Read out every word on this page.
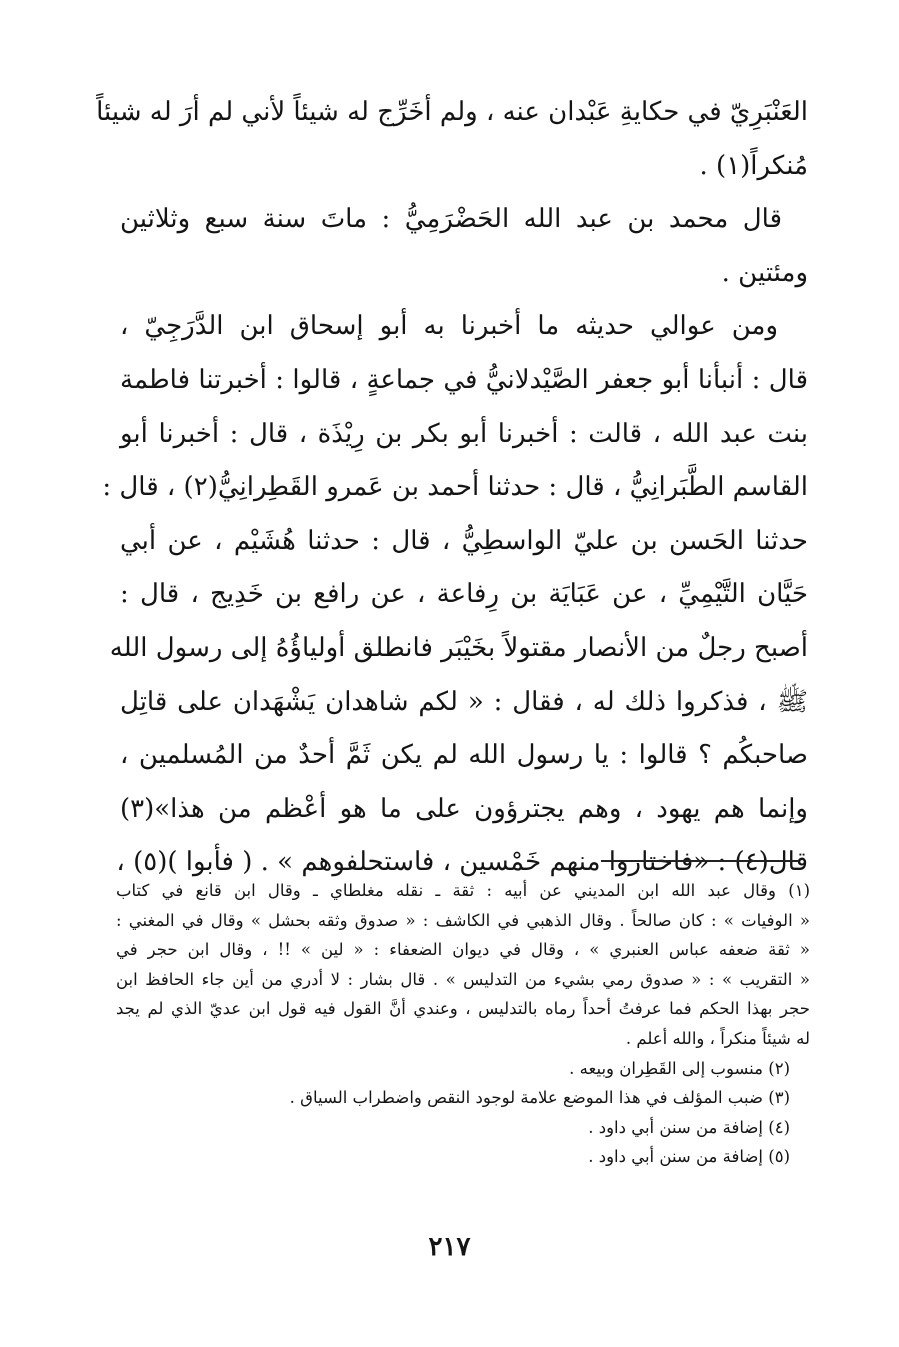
العَنْبَرِيّ في حكايةِ عَبْدان عنه ، ولم أخَرِّج له شيئاً لأني لم أرَ له شيئاً
مُنكراً(١) .
قال محمد بن عبد الله الحَضْرَمِيُّ : ماتَ سنة سبع وثلاثين
ومئتين .
ومن عوالي حديثه ما أخبرنا به أبو إسحاق ابن الدَّرَجِيّ ،
قال : أنبأنا أبو جعفر الصَّيْدلانيُّ في جماعةٍ ، قالوا : أخبرتنا فاطمة
بنت عبد الله ، قالت : أخبرنا أبو بكر بن رِيْذَة ، قال : أخبرنا أبو
القاسم الطَّبَرانِيُّ ، قال : حدثنا أحمد بن عَمرو القَطِرانِيُّ(٢) ، قال :
حدثنا الحَسن بن عليّ الواسطِيُّ ، قال : حدثنا هُشَيْم ، عن أبي
حَيَّان التَّيْمِيِّ ، عن عَبَايَة بن رِفاعة ، عن رافع بن خَدِيج ، قال :
أصبح رجلٌ من الأنصار مقتولاً بخَيْبَر فانطلق أولياؤُهُ إلى رسول الله
ﷺ ، فذكروا ذلك له ، فقال : « لكم شاهدان يَشْهَدان على قاتِل
صاحبكُم ؟ قالوا : يا رسول الله لم يكن ثَمَّ أحدٌ من المُسلمين ،
وإنما هم يهود ، وهم يجترؤون على ما هو أعْظم من هذا»(٣)
قال(٤) : «فاختاروا منهم خَمْسين ، فاستحلفوهم » . ( فأبوا )(٥) ،
(١) وقال عبد الله ابن المديني عن أبيه : ثقة ـ نقله مغلطاي ـ وقال ابن قانع في كتاب
« الوفيات » : كان صالحاً . وقال الذهبي في الكاشف : « صدوق وثقه بحشل » وقال في المغني :
« ثقة ضعفه عباس العنبري » ، وقال في ديوان الضعفاء : « لين » !! ، وقال ابن حجر في
« التقريب » : « صدوق رمي بشيء من التدليس » . قال بشار : لا أدري من أين جاء الحافظ ابن
حجر بهذا الحكم فما عرفتُ أحداً رماه بالتدليس ، وعندي أنَّ القول فيه قول ابن عديّ الذي لم يجد
له شيئاً منكراً ، والله أعلم .
(٢) منسوب إلى القَطِران وبيعه .
(٣) ضبب المؤلف في هذا الموضع علامة لوجود النقص واضطراب السياق .
(٤) إضافة من سنن أبي داود .
(٥) إضافة من سنن أبي داود .
٢١٧
